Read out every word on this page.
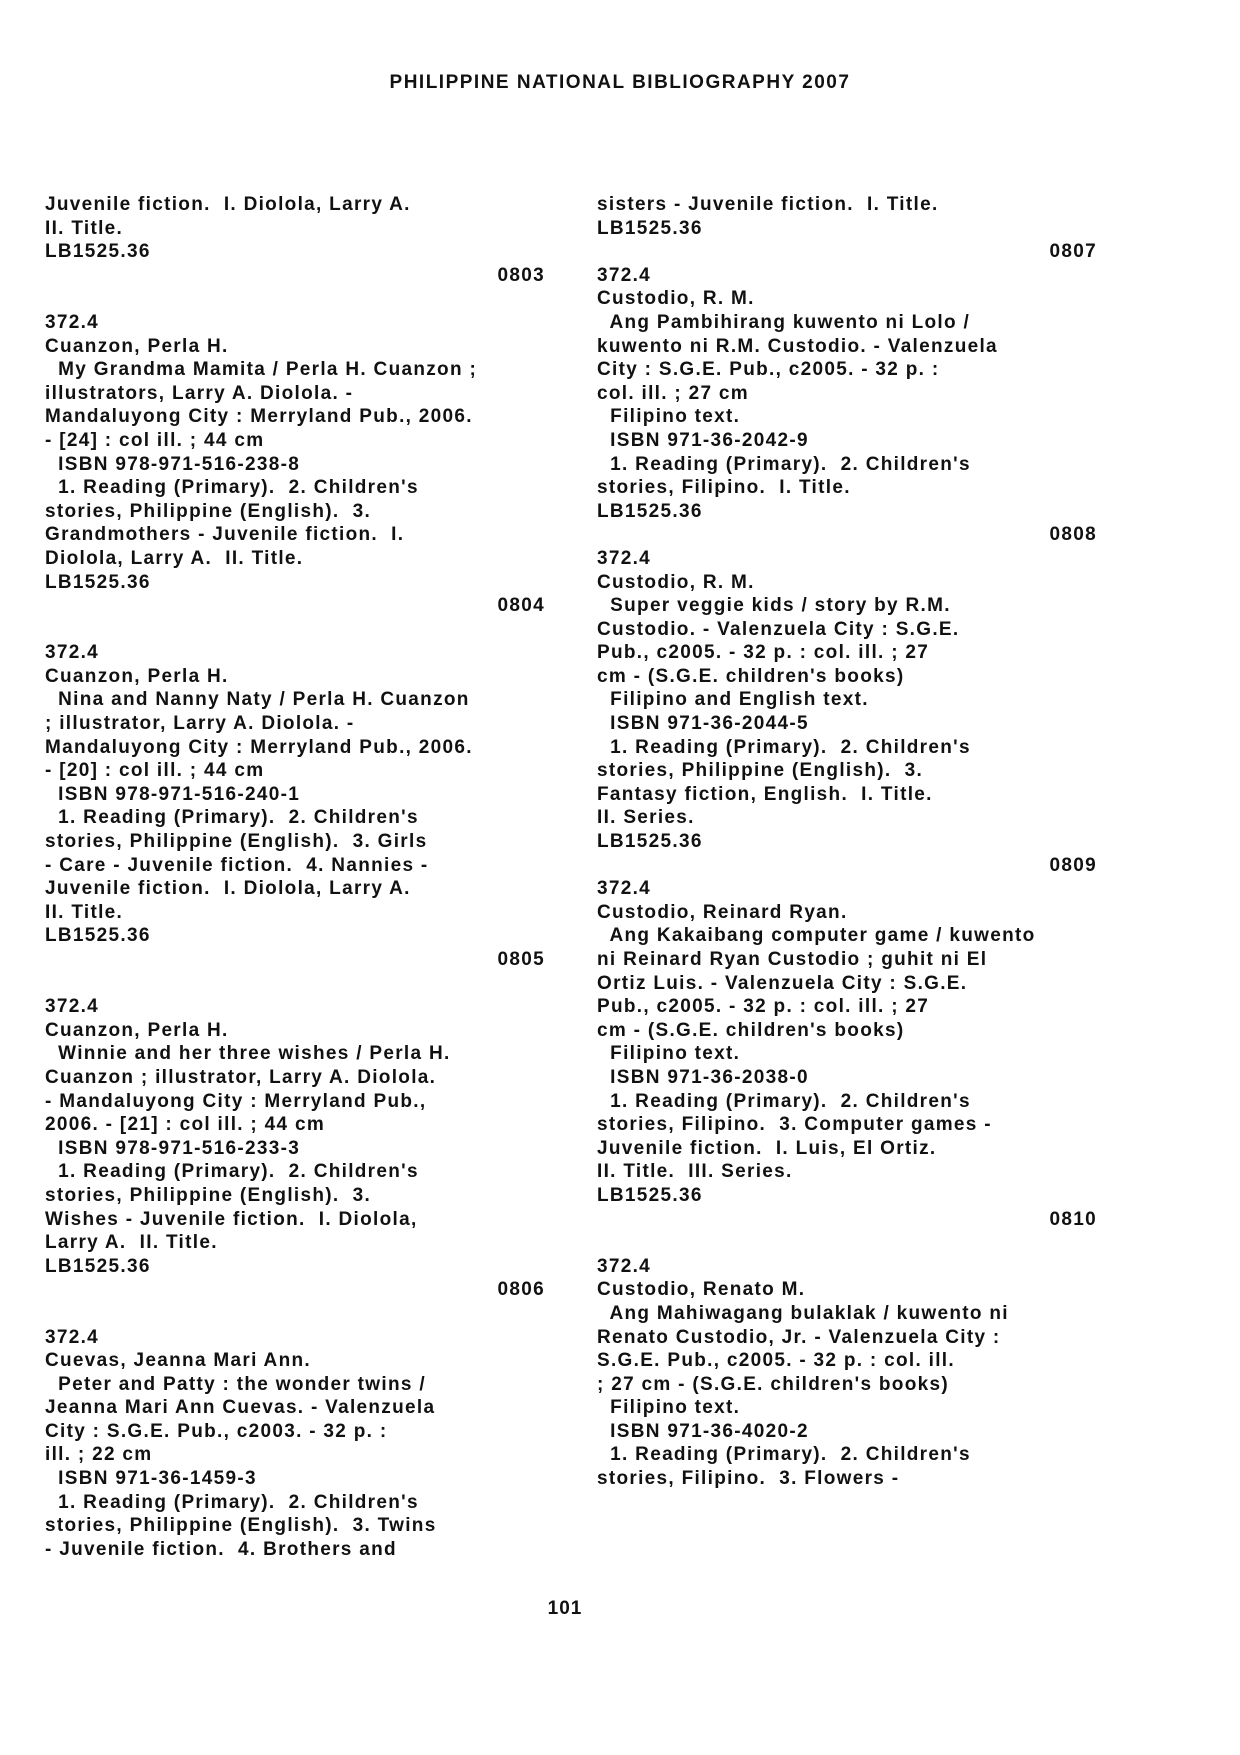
PHILIPPINE NATIONAL BIBLIOGRAPHY 2007
Juvenile fiction.  I. Diolola, Larry A.
II. Title.
LB1525.36
0803
372.4
Cuanzon, Perla H.
My Grandma Mamita / Perla H. Cuanzon ;
illustrators, Larry A. Diolola. -
Mandaluyong City : Merryland Pub., 2006.
- [24] : col ill. ; 44 cm
ISBN 978-971-516-238-8
1. Reading (Primary).  2. Children's
stories, Philippine (English).  3.
Grandmothers - Juvenile fiction.  I.
Diolola, Larry A.  II. Title.
LB1525.36
0804
372.4
Cuanzon, Perla H.
Nina and Nanny Naty / Perla H. Cuanzon
; illustrator, Larry A. Diolola. -
Mandaluyong City : Merryland Pub., 2006.
- [20] : col ill. ; 44 cm
ISBN 978-971-516-240-1
1. Reading (Primary).  2. Children's
stories, Philippine (English).  3. Girls
- Care - Juvenile fiction.  4. Nannies -
Juvenile fiction.  I. Diolola, Larry A.
II. Title.
LB1525.36
0805
372.4
Cuanzon, Perla H.
Winnie and her three wishes / Perla H.
Cuanzon ; illustrator, Larry A. Diolola.
- Mandaluyong City : Merryland Pub.,
2006. - [21] : col ill. ; 44 cm
ISBN 978-971-516-233-3
1. Reading (Primary).  2. Children's
stories, Philippine (English).  3.
Wishes - Juvenile fiction.  I. Diolola,
Larry A.  II. Title.
LB1525.36
0806
372.4
Cuevas, Jeanna Mari Ann.
Peter and Patty : the wonder twins /
Jeanna Mari Ann Cuevas. - Valenzuela
City : S.G.E. Pub., c2003. - 32 p. :
ill. ; 22 cm
ISBN 971-36-1459-3
1. Reading (Primary).  2. Children's
stories, Philippine (English).  3. Twins
- Juvenile fiction.  4. Brothers and
sisters - Juvenile fiction.  I. Title.
LB1525.36
0807
372.4
Custodio, R. M.
Ang Pambihirang kuwento ni Lolo /
kuwento ni R.M. Custodio. - Valenzuela
City : S.G.E. Pub., c2005. - 32 p. :
col. ill. ; 27 cm
Filipino text.
ISBN 971-36-2042-9
1. Reading (Primary).  2. Children's
stories, Filipino.  I. Title.
LB1525.36
0808
372.4
Custodio, R. M.
Super veggie kids / story by R.M.
Custodio. - Valenzuela City : S.G.E.
Pub., c2005. - 32 p. : col. ill. ; 27
cm - (S.G.E. children's books)
Filipino and English text.
ISBN 971-36-2044-5
1. Reading (Primary).  2. Children's
stories, Philippine (English).  3.
Fantasy fiction, English.  I. Title.
II. Series.
LB1525.36
0809
372.4
Custodio, Reinard Ryan.
Ang Kakaibang computer game / kuwento
ni Reinard Ryan Custodio ; guhit ni El
Ortiz Luis. - Valenzuela City : S.G.E.
Pub., c2005. - 32 p. : col. ill. ; 27
cm - (S.G.E. children's books)
Filipino text.
ISBN 971-36-2038-0
1. Reading (Primary).  2. Children's
stories, Filipino.  3. Computer games -
Juvenile fiction.  I. Luis, El Ortiz.
II. Title.  III. Series.
LB1525.36
0810
372.4
Custodio, Renato M.
Ang Mahiwagang bulaklak / kuwento ni
Renato Custodio, Jr. - Valenzuela City :
S.G.E. Pub., c2005. - 32 p. : col. ill.
; 27 cm - (S.G.E. children's books)
Filipino text.
ISBN 971-36-4020-2
1. Reading (Primary).  2. Children's
stories, Filipino.  3. Flowers -
101
